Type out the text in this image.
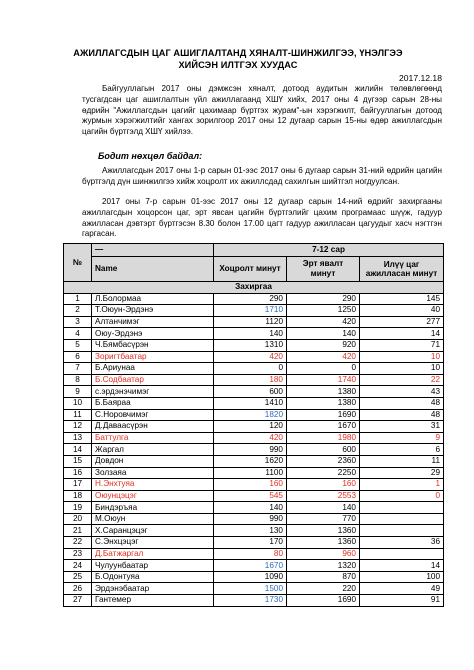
АЖИЛЛАГСДЫН ЦАГ АШИГЛАЛТАНД ХЯНАЛТ-ШИНЖИЛГЭЭ, ҮНЭЛГЭЭ ХИЙСЭН ИЛТГЭХ ХУУДАС
2017.12.18
Байгууллагын 2017 оны дэмжсэн хяналт, дотоод аудитын жилийн төлөвлөгөөнд тусгагдсан цаг ашиглалтын үйл ажиллагаанд ХШҮ хийх, 2017 оны 4 дүгээр сарын 28-ны өдрийн "Ажиллагсдын цагийг цахимаар бүртгэх журам"-ын хэрэгжилт, байгууллагын дотоод журмын хэрэгжилтийг хангах зорилгоор 2017 оны 12 дугаар сарын 15-ны өдөр ажиллагсдын цагийн бүртгэлд ХШҮ хийлээ.
Бодит нөхцөл байдал:
Ажиллагсдын 2017 оны 1-р сарын 01-ээс 2017 оны 6 дугаар сарын 31-ний өдрийн цагийн бүртгэлд дүн шинжилгээ хийж хоцролт их ажиллсдад сахилгын шийтгэл ногдуулсан.
2017 оны 7-р сарын 01-ээс 2017 оны 12 дугаар сарын 14-ний өдрийг захиргааны ажиллагсдын хоцорсон цаг, эрт явсан цагийн бүртгэлийг цахим програмаас шүүж, гадуур ажилласан дэвтэрт бүртгэсэн 8.30 болон 17.00 цагт гадуур ажилласан цагуудыг хасч нэгтгэн гаргасан.
№	—	7-12 сар		
		Хоцролт минут	Эрт явалт минут	Илүү цаг ажилласан минут
	Name			
Захиргаа				
1	Л.Болормаа	290	290	145
2	Т.Оюун-Эрдэнэ	1710	1250	40
3	Алтанчимэг	1120	420	277
4	Оюу-Эрдэнэ	140	140	14
5	Ч.Бямбасүрэн	1310	920	71
6	Зоригтбаатар	420	420	10
7	Б.Ариунаа	0	0	10
8	Б.Содбаатар	180	1740	22
9	с.эрдэнэчимэг	600	1380	43
10	Б.Баяраа	1410	1380	48
11	С.Норовчимэг	1820	1690	48
12	Д.Даваасүрэн	120	1670	31
13	Баттулга	420	1980	9
14	Жаргал	990	600	6
15	Довдон	1620	2360	11
16	Золзаяа	1100	2250	29
17	Н.Энхтуяа	160	160	1
18	Оюунцэцэг	545	2553	0
19	Биндэръяа	140	140	
20	М.Оюун	990	770	
21	Х.Саранцэцэг	130	1360	
22	С.Энхцэцэг	170	1360	36
23	Д.Батжаргал	80	960	
24	Чулуунбаатар	1670	1320	14
25	Б.Одонтуяа	1090	870	100
26	Эрдэнэбаатар	1500	220	49
27	Гантемер	1730	1690	91
